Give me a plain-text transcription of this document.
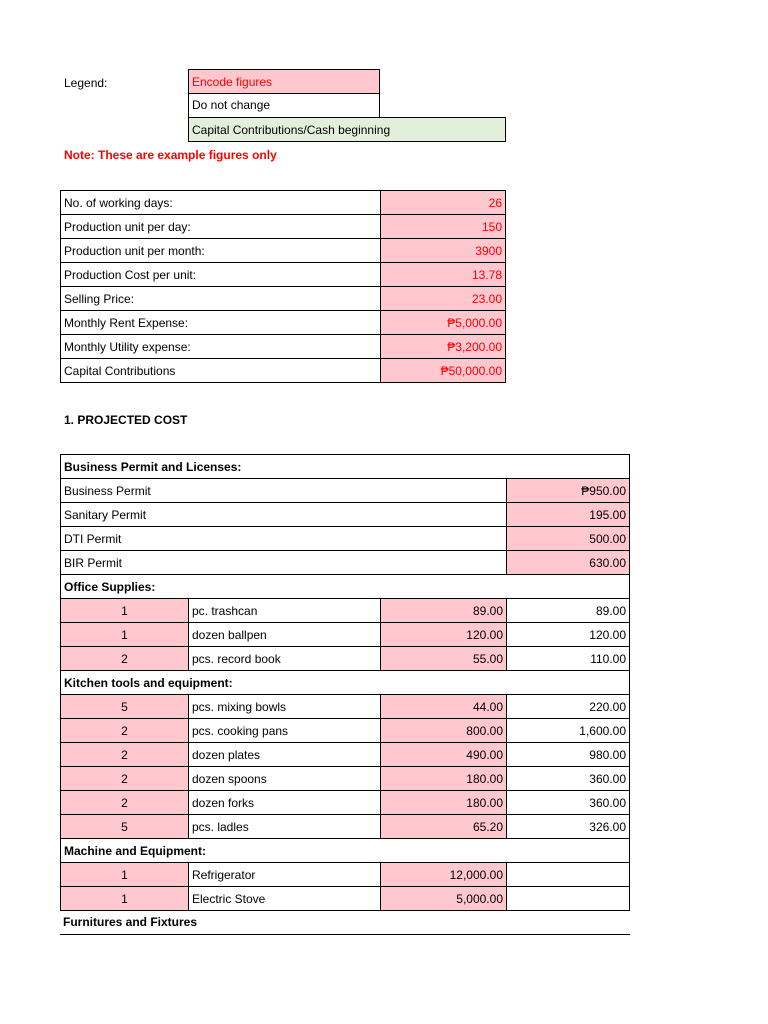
Legend:	Encode figures
Do not change
Capital Contributions/Cash beginning
Note: These are example figures only
No. of working days:	26
Production unit per day:	150
Production unit per month:	3900
Production Cost per unit:	13.78
Selling Price:	23.00
Monthly Rent Expense:	₱5,000.00
Monthly Utility expense:	₱3,200.00
Capital Contributions	₱50,000.00
1. PROJECTED COST
Business Permit and Licenses:
Business Permit	₱950.00
Sanitary Permit	195.00
DTI Permit	500.00
BIR Permit	630.00
Office Supplies:
1	pc. trashcan	89.00	89.00
1	dozen ballpen	120.00	120.00
2	pcs. record book	55.00	110.00
Kitchen tools and equipment:
5	pcs. mixing bowls	44.00	220.00
2	pcs. cooking pans	800.00	1,600.00
2	dozen plates	490.00	980.00
2	dozen spoons	180.00	360.00
2	dozen forks	180.00	360.00
5	pcs. ladles	65.20	326.00
Machine and Equipment:
1	Refrigerator	12,000.00
1	Electric Stove	5,000.00
Furnitures and Fixtures
